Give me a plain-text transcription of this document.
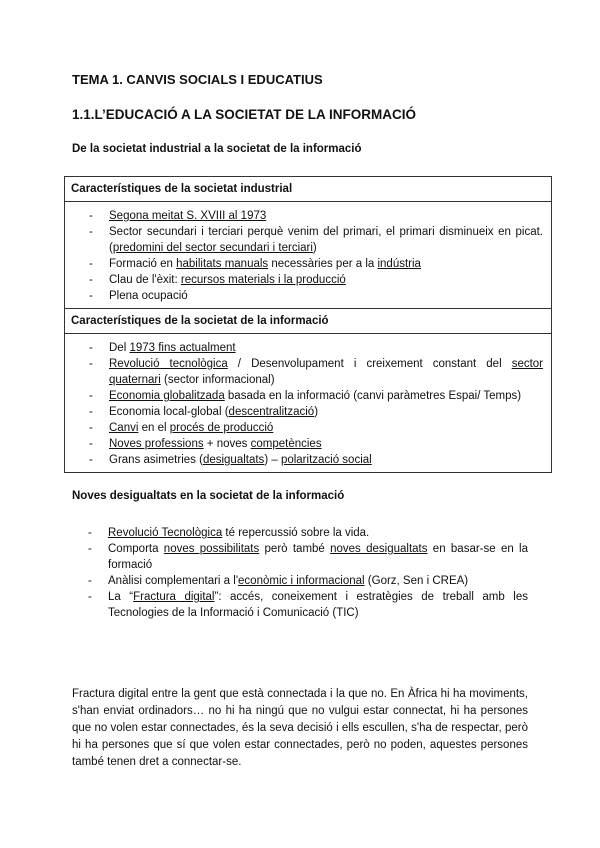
TEMA 1. CANVIS SOCIALS I EDUCATIUS
1.1.L’EDUCACIÓ A LA SOCIETAT DE LA INFORMACIÓ
De la societat industrial a la societat de la informació
Característiques de la societat industrial
- Segona meitat S. XVIII al 1973
- Sector secundari i terciari perquè venim del primari, el primari disminueix en picat. (predomini del sector secundari i terciari)
- Formació en habilitats manuals necessàries per a la indústria
- Clau de l'èxit: recursos materials i la producció
- Plena ocupació
Característiques de la societat de la informació
- Del 1973 fins actualment
- Revolució tecnològica / Desenvolupament i creixement constant del sector quaternari (sector informacional)
- Economia globalitzada basada en la informació (canvi paràmetres Espai/ Temps)
- Economia local-global (descentralització)
- Canvi en el procés de producció
- Noves professions + noves competències
- Grans asimetries (desigualtats) – polarització social
Noves desigualtats en la societat de la informació
- Revolució Tecnològica té repercussió sobre la vida.
- Comporta noves possibilitats però també noves desigualtats en basar-se en la formació
- Anàlisi complementari a l'econòmic i informacional (Gorz, Sen i CREA)
- La “Fractura digital”: accés, coneixement i estratègies de treball amb les Tecnologies de la Informació i Comunicació (TIC)
Fractura digital entre la gent que està connectada i la que no. En Àfrica hi ha moviments, s'han enviat ordinadors… no hi ha ningú que no vulgui estar connectat, hi ha persones que no volen estar connectades, és la seva decisió i ells escullen, s'ha de respectar, però hi ha persones que sí que volen estar connectades, però no poden, aquestes persones també tenen dret a connectar-se.
